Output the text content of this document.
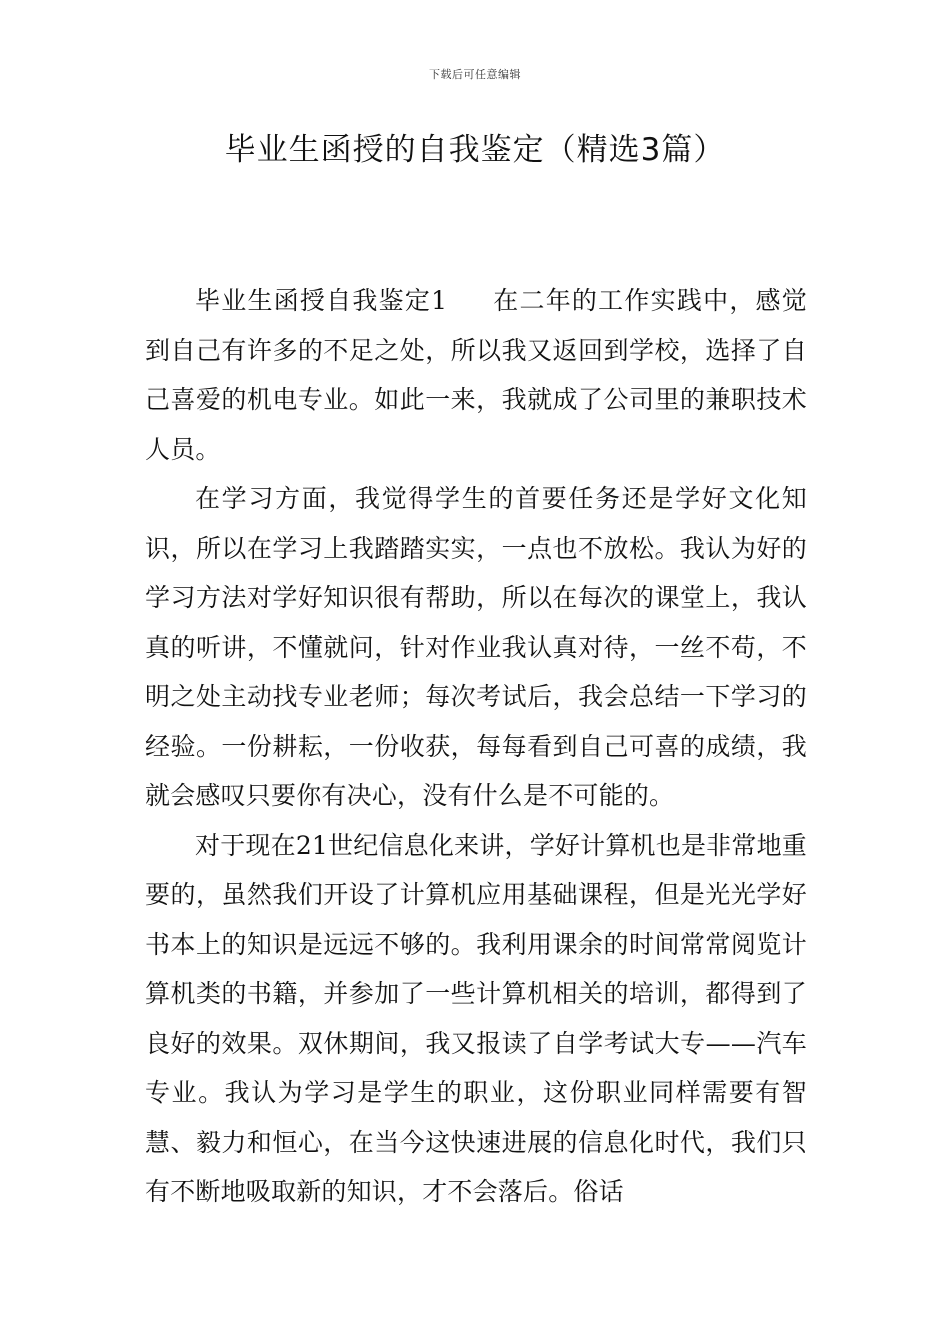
下载后可任意编辑
毕业生函授的自我鉴定（精选3篇）

毕业生函授自我鉴定1 在二年的工作实践中，感觉到自己有许多的不足之处，所以我又返回到学校，选择了自己喜爱的机电专业。如此一来，我就成了公司里的兼职技术人员。

在学习方面，我觉得学生的首要任务还是学好文化知识，所以在学习上我踏踏实实，一点也不放松。我认为好的学习方法对学好知识很有帮助，所以在每次的课堂上，我认真的听讲，不懂就问，针对作业我认真对待，一丝不苟，不明之处主动找专业老师；每次考试后，我会总结一下学习的经验。一份耕耘，一份收获，每每看到自己可喜的成绩，我就会感叹只要你有决心，没有什么是不可能的。

对于现在21世纪信息化来讲，学好计算机也是非常地重要的，虽然我们开设了计算机应用基础课程，但是光光学好书本上的知识是远远不够的。我利用课余的时间常常阅览计算机类的书籍，并参加了一些计算机相关的培训，都得到了良好的效果。双休期间，我又报读了自学考试大专——汽车专业。我认为学习是学生的职业，这份职业同样需要有智慧、毅力和恒心，在当今这快速进展的信息化时代，我们只有不断地吸取新的知识，才不会落后。俗话
